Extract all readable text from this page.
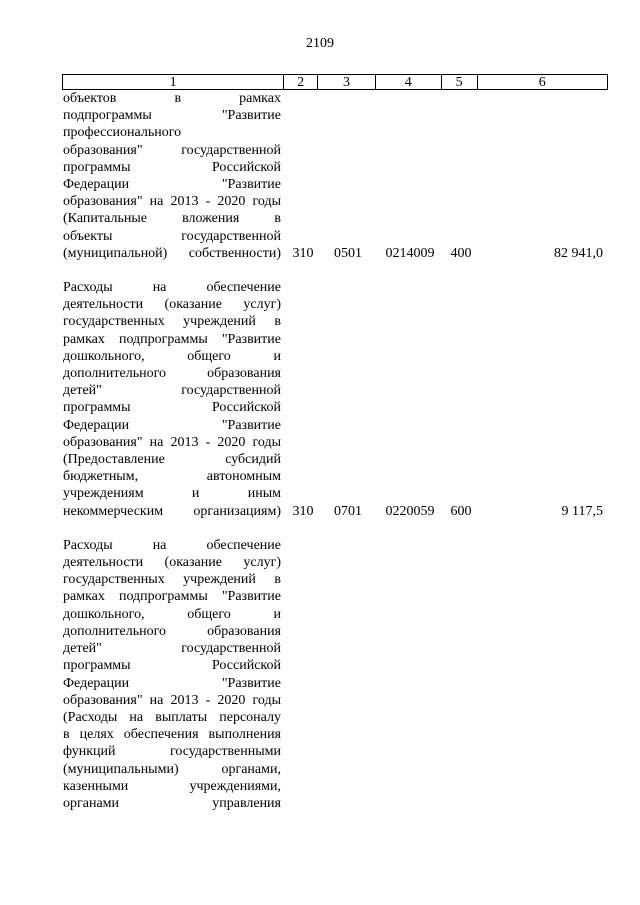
2109
1	2	3	4	5	6
объектов в рамках
подпрограммы "Развитие
профессионального
образования" государственной
программы Российской
Федерации "Развитие
образования" на 2013 - 2020 годы
(Капитальные вложения в
объекты государственной
(муниципальной) собственности) 310	0501	0214009	400	82 941,0
Расходы на обеспечение
деятельности (оказание услуг)
государственных учреждений в
рамках подпрограммы "Развитие
дошкольного, общего и
дополнительного образования
детей" государственной
программы Российской
Федерации "Развитие
образования" на 2013 - 2020 годы
(Предоставление субсидий
бюджетным, автономным
учреждениям и иным
некоммерческим организациям) 310	0701	0220059	600	9 117,5
Расходы на обеспечение
деятельности (оказание услуг)
государственных учреждений в
рамках подпрограммы "Развитие
дошкольного, общего и
дополнительного образования
детей" государственной
программы Российской
Федерации "Развитие
образования" на 2013 - 2020 годы
(Расходы на выплаты персоналу
в целях обеспечения выполнения
функций государственными
(муниципальными) органами,
казенными учреждениями,
органами управления
